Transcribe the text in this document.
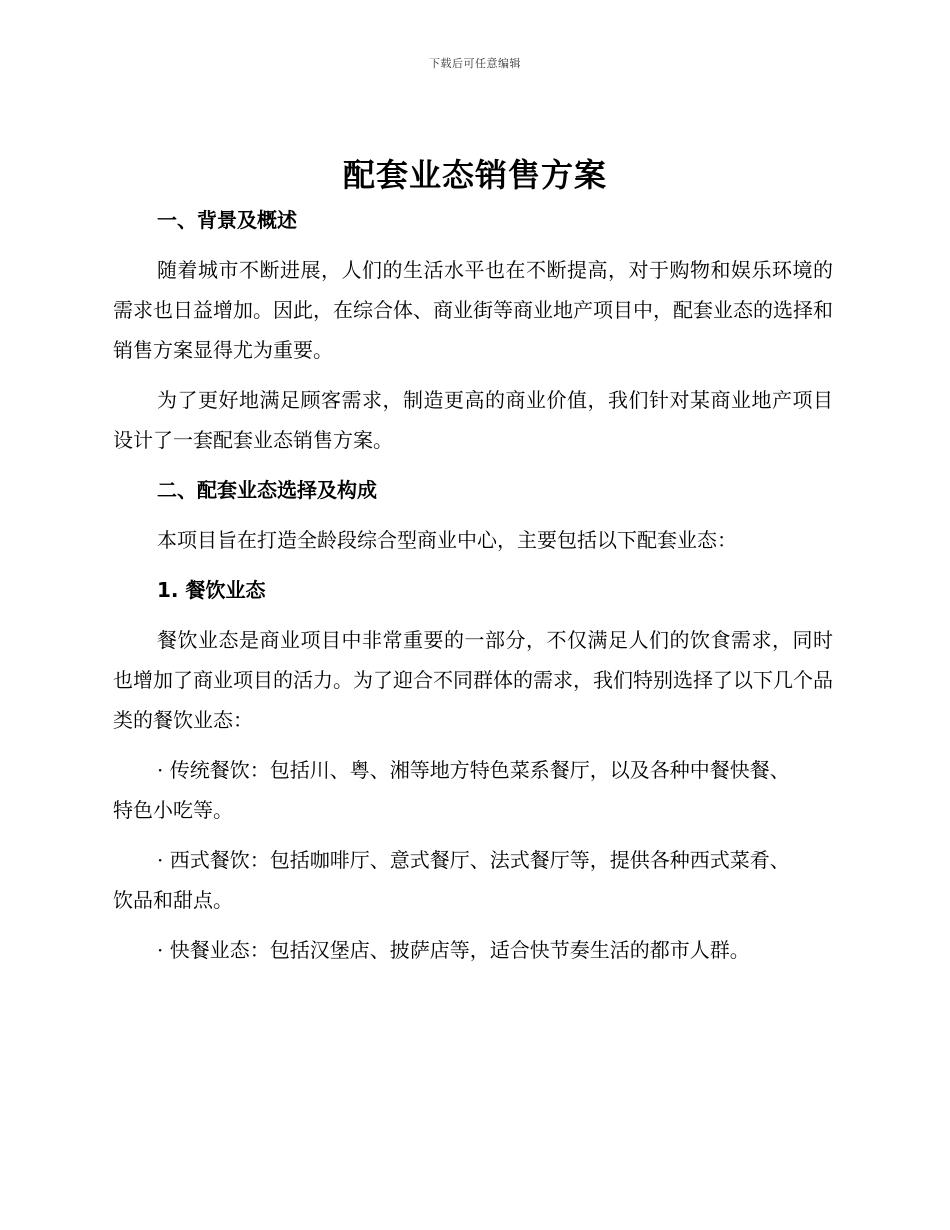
下载后可任意编辑
配套业态销售方案
一、背景及概述

随着城市不断进展，人们的生活水平也在不断提高，对于购物和娱乐环境的需求也日益增加。因此，在综合体、商业街等商业地产项目中，配套业态的选择和销售方案显得尤为重要。

为了更好地满足顾客需求，制造更高的商业价值，我们针对某商业地产项目设计了一套配套业态销售方案。

二、配套业态选择及构成

本项目旨在打造全龄段综合型商业中心，主要包括以下配套业态：

1. 餐饮业态

餐饮业态是商业项目中非常重要的一部分，不仅满足人们的饮食需求，同时也增加了商业项目的活力。为了迎合不同群体的需求，我们特别选择了以下几个品类的餐饮业态：

· 传统餐饮：包括川、粤、湘等地方特色菜系餐厅，以及各种中餐快餐、特色小吃等。

· 西式餐饮：包括咖啡厅、意式餐厅、法式餐厅等，提供各种西式菜肴、饮品和甜点。

· 快餐业态：包括汉堡店、披萨店等，适合快节奏生活的都市人群。
